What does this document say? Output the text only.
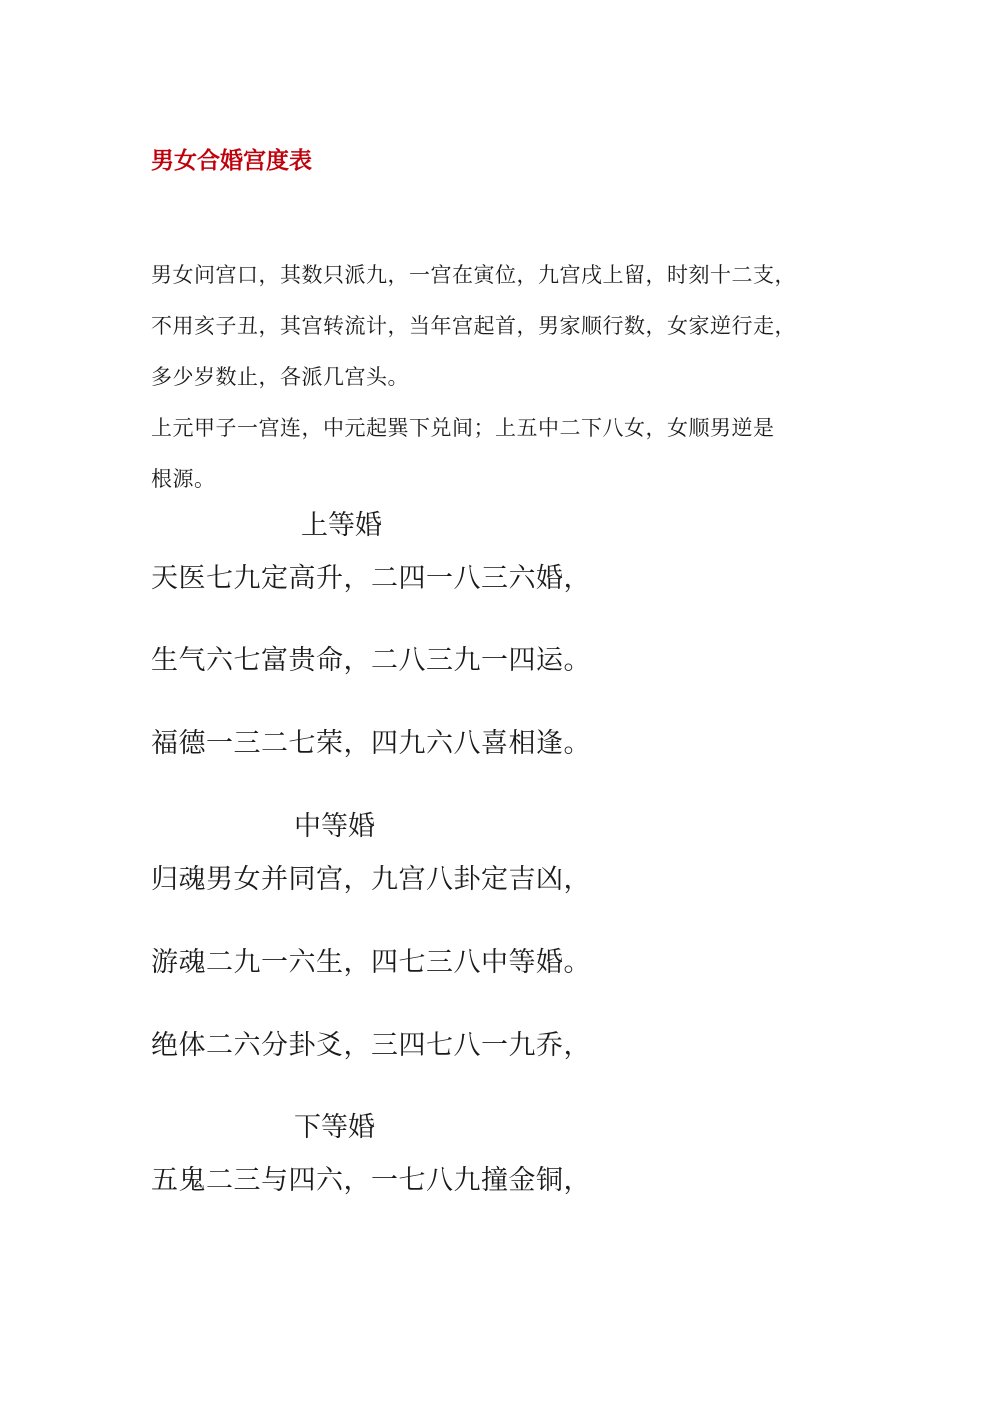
男女合婚宫度表
男女问宫口，其数只派九，一宫在寅位，九宫戌上留，时刻十二支，
不用亥子丑，其宫转流计，当年宫起首，男家顺行数，女家逆行走，
多少岁数止，各派几宫头。
上元甲子一宫连，中元起巽下兑间；上五中二下八女，女顺男逆是
根源。
上等婚
天医七九定高升，二四一八三六婚，
生气六七富贵命，二八三九一四运。
福德一三二七荣，四九六八喜相逢。
中等婚
归魂男女并同宫，九宫八卦定吉凶，
游魂二九一六生，四七三八中等婚。
绝体二六分卦爻，三四七八一九乔，
下等婚
五鬼二三与四六，一七八九撞金铜，
